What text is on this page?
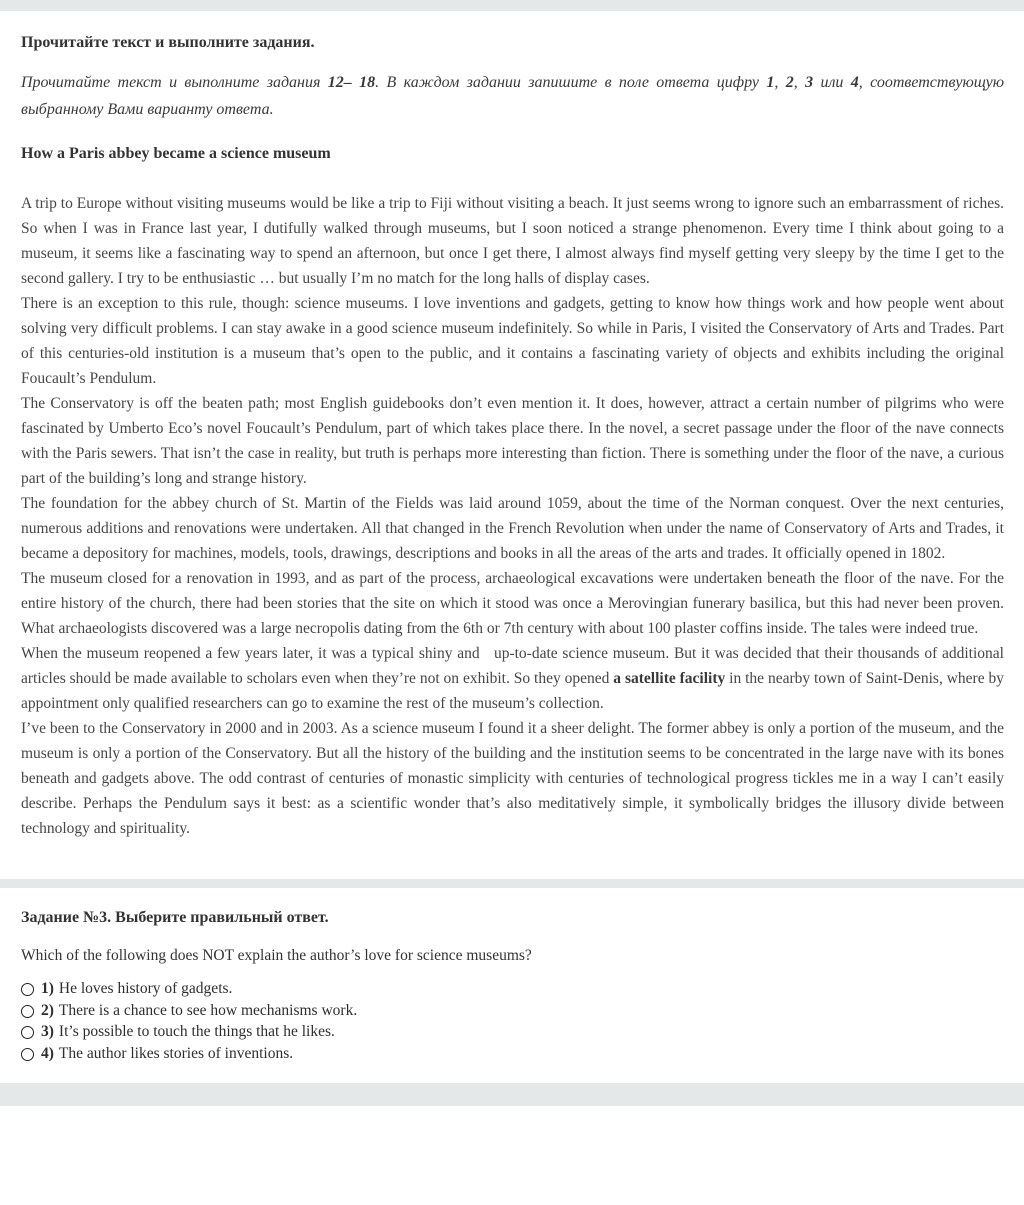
Прочитайте текст и выполните задания.

Прочитайте текст и выполните задания 12– 18. В каждом задании запишите в поле ответа цифру 1, 2, 3 или 4, соответствующую выбранному Вами варианту ответа.

How a Paris abbey became a science museum

A trip to Europe without visiting museums would be like a trip to Fiji without visiting a beach. It just seems wrong to ignore such an embarrassment of riches. So when I was in France last year, I dutifully walked through museums, but I soon noticed a strange phenomenon. Every time I think about going to a museum, it seems like a fascinating way to spend an afternoon, but once I get there, I almost always find myself getting very sleepy by the time I get to the second gallery. I try to be enthusiastic … but usually I’m no match for the long halls of display cases.

There is an exception to this rule, though: science museums. I love inventions and gadgets, getting to know how things work and how people went about solving very difficult problems. I can stay awake in a good science museum indefinitely. So while in Paris, I visited the Conservatory of Arts and Trades. Part of this centuries-old institution is a museum that’s open to the public, and it contains a fascinating variety of objects and exhibits including the original Foucault’s Pendulum.

The Conservatory is off the beaten path; most English guidebooks don’t even mention it. It does, however, attract a certain number of pilgrims who were fascinated by Umberto Eco’s novel Foucault’s Pendulum, part of which takes place there. In the novel, a secret passage under the floor of the nave connects with the Paris sewers. That isn’t the case in reality, but truth is perhaps more interesting than fiction. There is something under the floor of the nave, a curious part of the building’s long and strange history.

The foundation for the abbey church of St. Martin of the Fields was laid around 1059, about the time of the Norman conquest. Over the next centuries, numerous additions and renovations were undertaken. All that changed in the French Revolution when under the name of Conservatory of Arts and Trades, it became a depository for machines, models, tools, drawings, descriptions and books in all the areas of the arts and trades. It officially opened in 1802.

The museum closed for a renovation in 1993, and as part of the process, archaeological excavations were undertaken beneath the floor of the nave. For the entire history of the church, there had been stories that the site on which it stood was once a Merovingian funerary basilica, but this had never been proven. What archaeologists discovered was a large necropolis dating from the 6th or 7th century with about 100 plaster coffins inside. The tales were indeed true.

When the museum reopened a few years later, it was a typical shiny and   up-to-date science museum. But it was decided that their thousands of additional articles should be made available to scholars even when they’re not on exhibit. So they opened a satellite facility in the nearby town of Saint-Denis, where by appointment only qualified researchers can go to examine the rest of the museum’s collection.

I’ve been to the Conservatory in 2000 and in 2003. As a science museum I found it a sheer delight. The former abbey is only a portion of the museum, and the museum is only a portion of the Conservatory. But all the history of the building and the institution seems to be concentrated in the large nave with its bones beneath and gadgets above. The odd contrast of centuries of monastic simplicity with centuries of technological progress tickles me in a way I can’t easily describe. Perhaps the Pendulum says it best: as a scientific wonder that’s also meditatively simple, it symbolically bridges the illusory divide between technology and spirituality.

Задание №3. Выберите правильный ответ.

Which of the following does NOT explain the author’s love for science museums?

1) He loves history of gadgets.
2) There is a chance to see how mechanisms work.
3) It’s possible to touch the things that he likes.
4) The author likes stories of inventions.
